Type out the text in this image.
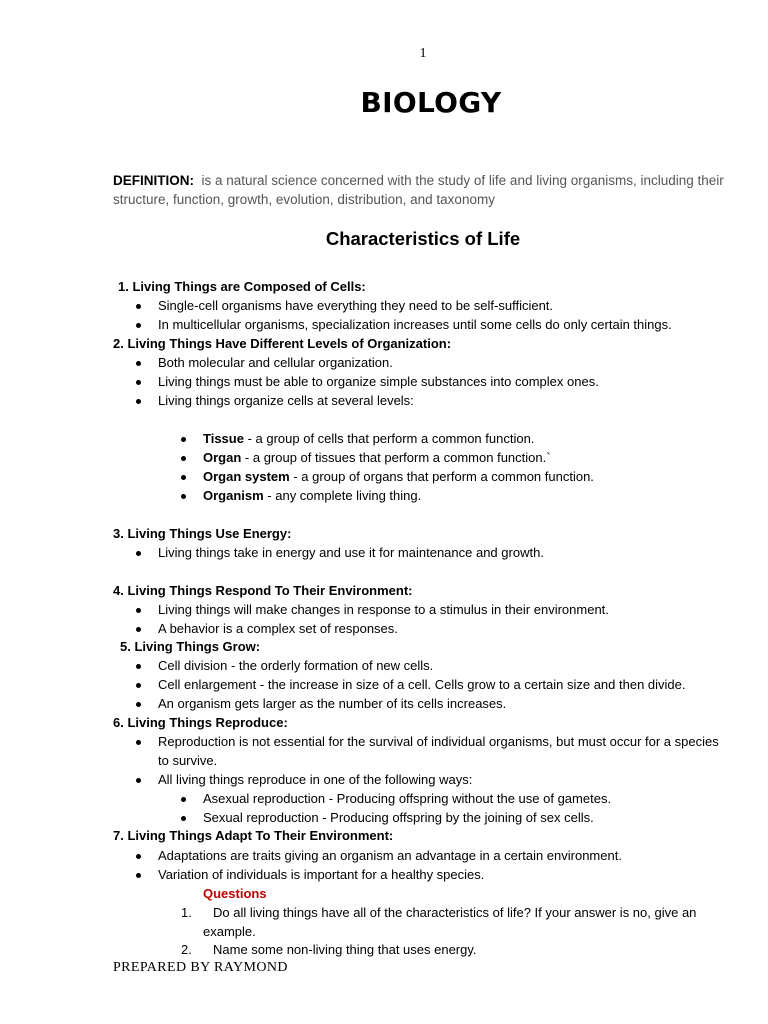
1
BIOLOGY
DEFINITION: is a natural science concerned with the study of life and living organisms, including their structure, function, growth, evolution, distribution, and taxonomy
Characteristics of Life
1. Living Things are Composed of Cells:
Single-cell organisms have everything they need to be self-sufficient.
In multicellular organisms, specialization increases until some cells do only certain things.
2. Living Things Have Different Levels of Organization:
Both molecular and cellular organization.
Living things must be able to organize simple substances into complex ones.
Living things organize cells at several levels:
Tissue - a group of cells that perform a common function.
Organ - a group of tissues that perform a common function.`
Organ system - a group of organs that perform a common function.
Organism - any complete living thing.
3. Living Things Use Energy:
Living things take in energy and use it for maintenance and growth.
4. Living Things Respond To Their Environment:
Living things will make changes in response to a stimulus in their environment.
A behavior is a complex set of responses.
5. Living Things Grow:
Cell division - the orderly formation of new cells.
Cell enlargement - the increase in size of a cell. Cells grow to a certain size and then divide.
An organism gets larger as the number of its cells increases.
6. Living Things Reproduce:
Reproduction is not essential for the survival of individual organisms, but must occur for a species to survive.
All living things reproduce in one of the following ways:
Asexual reproduction - Producing offspring without the use of gametes.
Sexual reproduction - Producing offspring by the joining of sex cells.
7. Living Things Adapt To Their Environment:
Adaptations are traits giving an organism an advantage in a certain environment.
Variation of individuals is important for a healthy species.
Questions
1.	Do all living things have all of the characteristics of life? If your answer is no, give an example.
2. Name some non-living thing that uses energy.
PREPARED BY RAYMOND
